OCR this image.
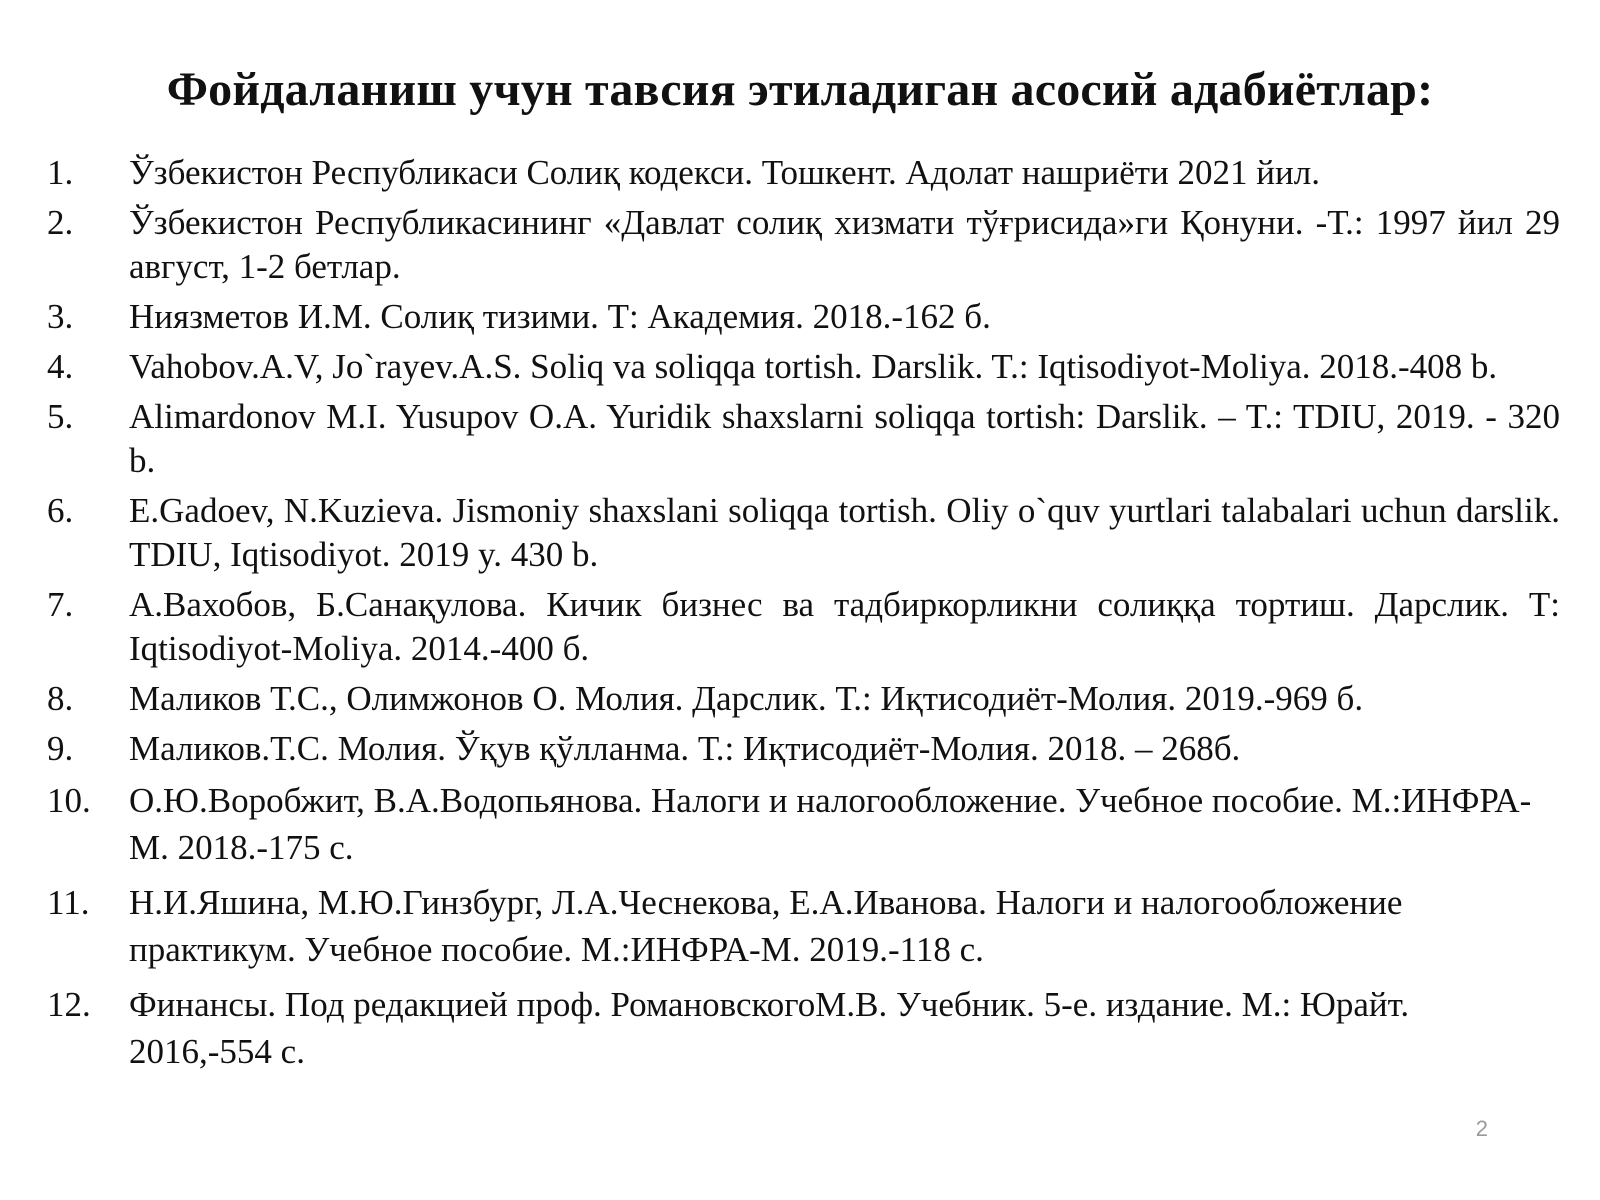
Фойдаланиш учун тавсия этиладиган асосий адабиётлар:
1.	Ўзбекистон Республикаси Солиқ кодекси. Тошкент. Адолат нашриёти 2021 йил.
2.	Ўзбекистон Республикасининг «Давлат солиқ хизмати тўғрисида»ги Қонуни. -Т.: 1997 йил 29 август, 1-2 бетлар.
3.	Ниязметов И.М. Солиқ тизими. Т: Академия. 2018.-162 б.
4.	Vahobov.A.V, Jo`rayev.A.S. Soliq va soliqqa tortish. Darslik. T.: Iqtisodiyot-Moliya. 2018.-408 b.
5.	Alimardonov M.I. Yusupov O.A. Yuridik shaxslarni soliqqa tortish: Darslik. – T.: TDIU, 2019. - 320 b.
6.	E.Gadoev, N.Kuzieva. Jismoniy shaxslani soliqqa tortish. Oliy o`quv yurtlari talabalari uchun darslik. TDIU, Iqtisodiyot. 2019 y. 430 b.
7.	А.Вахобов, Б.Санақулова. Кичик бизнес ва тадбиркорликни солиққа тортиш. Дарслик. Т: Iqtisodiyot-Moliya. 2014.-400 б.
8.	Маликов Т.С., Олимжонов О. Молия. Дарслик. Т.: Иқтисодиёт-Молия. 2019.-969 б.
9.	Маликов.Т.С. Молия. Ўқув қўлланма. Т.: Иқтисодиёт-Молия. 2018. – 268б.
10.	О.Ю.Воробжит, В.А.Водопьянова. Налоги и налогообложение. Учебное пособие. М.:ИНФРА-М. 2018.-175 с.
11.	Н.И.Яшина, М.Ю.Гинзбург, Л.А.Чеснекова, Е.А.Иванова. Налоги и налогообложение практикум. Учебное пособие. М.:ИНФРА-М. 2019.-118 с.
12.	Финансы. Под редакцией проф. РомановскогоМ.В. Учебник. 5-е. издание. М.: Юрайт. 2016,-554 с.
2
